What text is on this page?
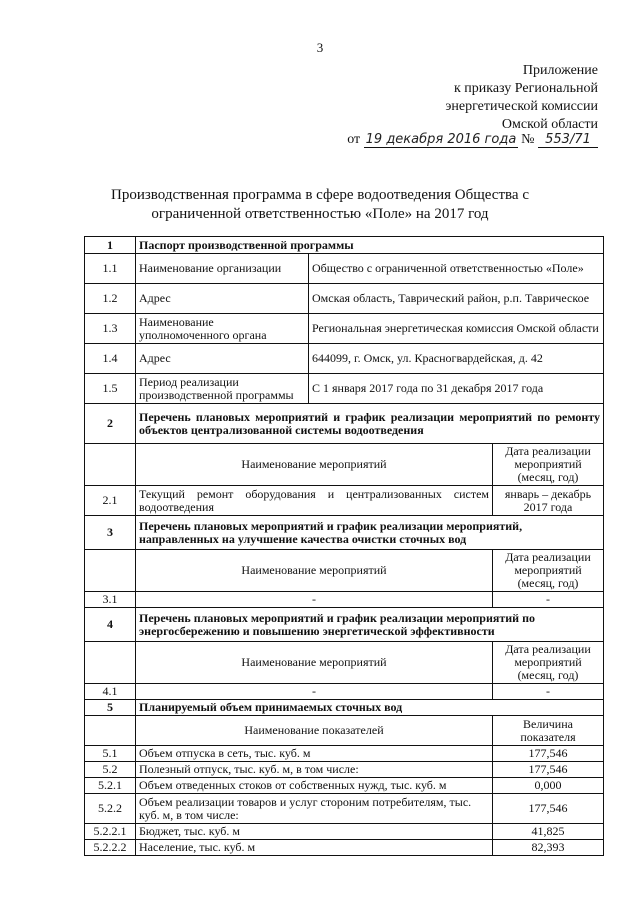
3
Приложение
к приказу Региональной
энергетической комиссии
Омской области
от 19 декабря 2016 года № 553/71
Производственная программа в сфере водоотведения Общества с
ограниченной ответственностью «Поле» на 2017 год
1	Паспорт производственной программы		
1.1	Наименование организации	Общество с ограниченной ответственностью «Поле»	
1.2	Адрес	Омская область, Таврический район, р.п. Таврическое	
1.3	Наименование уполномоченного органа	Региональная энергетическая комиссия Омской области	
1.4	Адрес	644099, г. Омск, ул. Красногвардейская, д. 42	
1.5	Период реализации производственной программы	С 1 января 2017 года по 31 декабря 2017 года	
2	Перечень плановых мероприятий и график реализации мероприятий по ремонту объектов централизованной системы водоотведения		
	Наименование мероприятий		Дата реализации мероприятий (месяц, год)
2.1	Текущий ремонт оборудования и централизованных систем водоотведения		январь – декабрь 2017 года
3	Перечень плановых мероприятий и график реализации мероприятий, направленных на улучшение качества очистки сточных вод		
	Наименование мероприятий		Дата реализации мероприятий (месяц, год)
3.1	-		-
4	Перечень плановых мероприятий и график реализации мероприятий по энергосбережению и повышению энергетической эффективности		
	Наименование мероприятий		Дата реализации мероприятий (месяц, год)
4.1	-		-
5	Планируемый объем принимаемых сточных вод		
	Наименование показателей		Величина показателя
5.1	Объем отпуска в сеть, тыс. куб. м		177,546
5.2	Полезный отпуск, тыс. куб. м, в том числе:		177,546
5.2.1	Объем отведенных стоков от собственных нужд, тыс. куб. м		0,000
5.2.2	Объем реализации товаров и услуг стороним потребителям, тыс. куб. м, в том числе:		177,546
5.2.2.1	Бюджет, тыс. куб. м		41,825
5.2.2.2	Население, тыс. куб. м		82,393
